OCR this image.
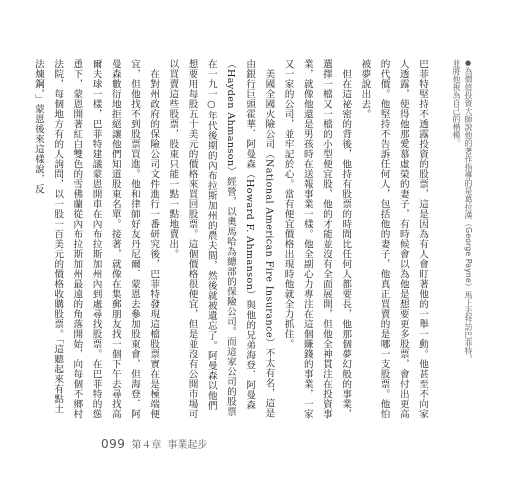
巴菲特堅持不透露投資的股票，這是因為有人會盯著他的一舉一動。他甚至不向家人透露，使得他那愛慕虛榮的妻子，有時候會以為他是想要更多股票，會付出更高的代價。他堅持不告訴任何人，包括他的妻子，他真正買賣的是哪一支股票。他怕被夢說出去。

但在這祕密的背後，他持有股票的時間比任何人都要長，他那個夢幻般的事業，選擇一檔又一檔的小型便宜股，他的才能並沒有全面展開，但他全神貫注在投資事業，就像他還是男孩時在送報事業一樣。他全副心力專注在這個賺錢的事業，一家又一家的公司，並牢記於心。當有便宜價格出現時他就全力抓住。

美國全國火險公司（National American Fire Insurance）不太有名，這是由銀行巨頭霍華．阿曼森（Howard F. Ahmanson）與他的兄弟海登．阿曼森（Hayden Ahmanson）經營，以奧馬哈為總部的保險公司。而這家公司的股票在一九一○年代後期的內布拉斯加州的農夫間，然後就被遺忘了。阿曼森以他們想要用每股五十美元的價格來買回股票。這個價格很便宜，但是並沒有公開市場可以買賣這些股票，股東只能一點一點地賣出。

在對州政府的保險公司文件進行一番研究後，巴菲特發現這檔股票實在是極端便宜，但他找不到股票買進。他和律師好友丹尼爾．蒙恩去參加股東會，但海登．阿曼森數衍地拒絕讓他們知道股東名單。接著，就像在集郵朋友找一個下午去尋找高爾夫球一樣，巴菲特建議蒙恩開車在內布拉斯加州內到處尋找股票。在巴菲特的慫恿下，蒙恩開著紅白雙色的雪佛蘭從內布拉斯加州最遠的角落開始，向每個不鄉村法院，每個地方有的人詢問，以一股一百美元的價格收購股票。「這聽起來有點土法煉鋼，」蒙恩後來這樣說，反	●為價值投資大師說他的著作指導的是葛拉漢（George Payne）馬上去拜訪巴菲特，並將他視為自己的楷模。
099 第４章 事業起步
